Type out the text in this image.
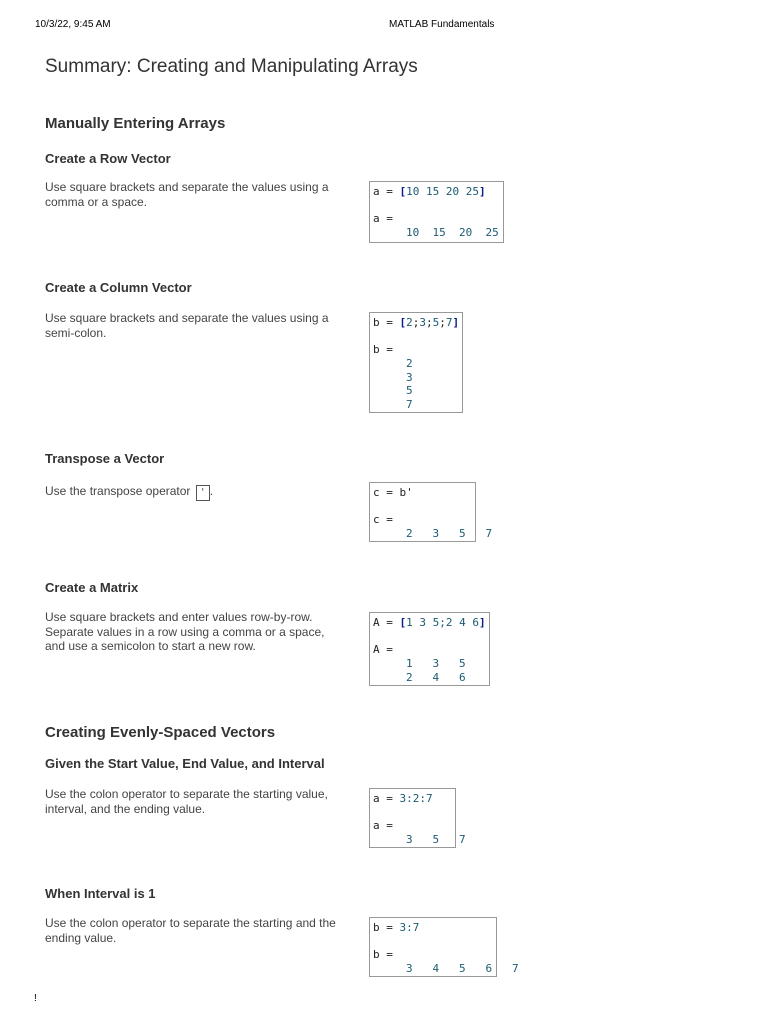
10/3/22, 9:45 AM	MATLAB Fundamentals
Summary: Creating and Manipulating Arrays
Manually Entering Arrays
Create a Row Vector
Use square brackets and separate the values using a comma or a space.
a = [10 15 20 25]

a =
10  15  20  25
Create a Column Vector
Use square brackets and separate the values using a semi-colon.
b = [2;3;5;7]

b =
2
3
5
7
Transpose a Vector
Use the transpose operator ' .	c = b'

c =
2   3   5   7
Create a Matrix
Use square brackets and enter values row-by-row. Separate values in a row using a comma or a space, and use a semicolon to start a new row.
A = [1 3 5;2 4 6]

A =
1   3   5
2   4   6
Creating Evenly-Spaced Vectors
Given the Start Value, End Value, and Interval
Use the colon operator to separate the starting value, interval, and the ending value.
a = 3:2:7

a =
3   5   7
When Interval is 1
Use the colon operator to separate the starting and the ending value.
b = 3:7

b =
3   4   5   6   7
!
